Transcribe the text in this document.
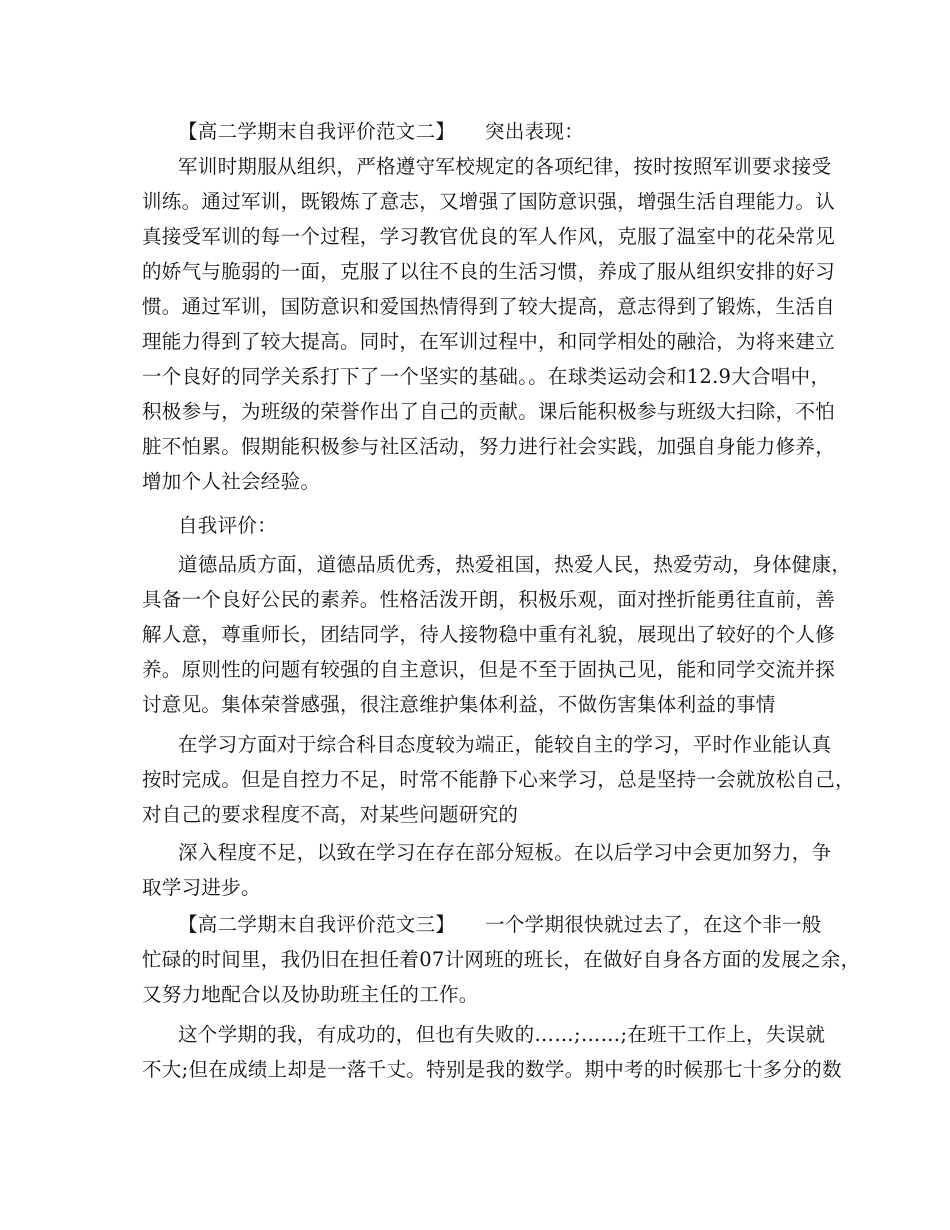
【高二学期末自我评价范文二】　　突出表现：
军训时期服从组织，严格遵守军校规定的各项纪律，按时按照军训要求接受
训练。通过军训，既锻炼了意志，又增强了国防意识强，增强生活自理能力。认
真接受军训的每一个过程，学习教官优良的军人作风，克服了温室中的花朵常见
的娇气与脆弱的一面，克服了以往不良的生活习惯，养成了服从组织安排的好习
惯。通过军训，国防意识和爱国热情得到了较大提高，意志得到了锻炼，生活自
理能力得到了较大提高。同时，在军训过程中，和同学相处的融洽，为将来建立
一个良好的同学关系打下了一个坚实的基础。。在球类运动会和12.9大合唱中，
积极参与，为班级的荣誉作出了自己的贡献。课后能积极参与班级大扫除，不怕
脏不怕累。假期能积极参与社区活动，努力进行社会实践，加强自身能力修养，
增加个人社会经验。
自我评价：
道德品质方面，道德品质优秀，热爱祖国，热爱人民，热爱劳动，身体健康，
具备一个良好公民的素养。性格活泼开朗，积极乐观，面对挫折能勇往直前，善
解人意，尊重师长，团结同学，待人接物稳中重有礼貌，展现出了较好的个人修
养。原则性的问题有较强的自主意识，但是不至于固执己见，能和同学交流并探
讨意见。集体荣誉感强，很注意维护集体利益，不做伤害集体利益的事情
在学习方面对于综合科目态度较为端正，能较自主的学习，平时作业能认真
按时完成。但是自控力不足，时常不能静下心来学习，总是坚持一会就放松自己，
对自己的要求程度不高，对某些问题研究的
深入程度不足，以致在学习在存在部分短板。在以后学习中会更加努力，争
取学习进步。
【高二学期末自我评价范文三】　　一个学期很快就过去了，在这个非一般
忙碌的时间里，我仍旧在担任着07计网班的班长，在做好自身各方面的发展之余，
又努力地配合以及协助班主任的工作。
这个学期的我，有成功的，但也有失败的……;……;在班干工作上，失误就
不大;但在成绩上却是一落千丈。特别是我的数学。期中考的时候那七十多分的数
